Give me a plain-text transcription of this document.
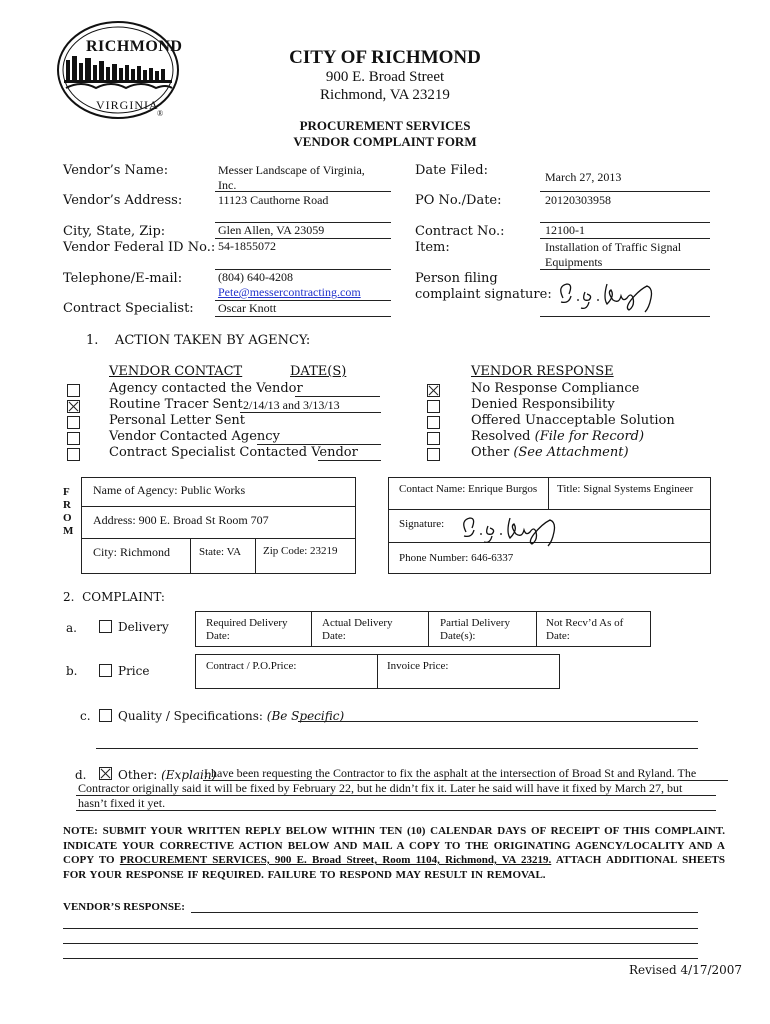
®
RICHMOND
VIRGINIA
CITY OF RICHMOND
900 E. Broad Street
Richmond, VA 23219
PROCUREMENT SERVICES
VENDOR COMPLAINT FORM
Vendor’s Name:	Messer Landscape of Virginia,
Inc.
Vendor’s Address:	11123 Cauthorne Road
City, State, Zip:	Glen Allen, VA 23059
Vendor Federal ID No.: 54-1855072
Telephone/E-mail:	(804) 640-4208
Pete@messercontracting.com
Contract Specialist: Oscar Knott
Date Filed:	March 27, 2013
PO No./Date:	20120303958
Contract No.:	12100-1
Item:	Installation of Traffic Signal
Equipments
Person filing
complaint signature:
1.    ACTION TAKEN BY AGENCY:
VENDOR CONTACT	DATE(S)	VENDOR RESPONSE
Agency contacted the Vendor
Routine Tracer Sent 2/14/13 and 3/13/13
Personal Letter Sent
Vendor Contacted Agency
Contract Specialist Contacted Vendor
No Response Compliance
Denied Responsibility
Offered Unacceptable Solution
Resolved (File for Record)
Other (See Attachment)
F
R
O
M
Name of Agency: Public Works
Address: 900 E. Broad St Room 707
City: Richmond	State: VA Zip Code: 23219
Contact Name: Enrique Burgos Title: Signal Systems Engineer
Signature:
Phone Number: 646-6337
2.  COMPLAINT:
a.	Delivery	Required Delivery Date:
Actual Delivery Date:
Partial Delivery Date(s):
Not Recv’d As of Date:
b.	Price	Contract / P.O.Price:	Invoice Price:
c. Quality / Specifications: (Be Specific)
d.	Other: (Explain)
I have been requesting the Contractor to fix the asphalt at the intersection of Broad St and Ryland. The
Contractor originally said it will be fixed by February 22, but he didn’t fix it. Later he said will have it fixed by March 27, but
hasn’t fixed it yet.
NOTE: SUBMIT YOUR WRITTEN REPLY BELOW WITHIN TEN (10) CALENDAR DAYS OF RECEIPT OF THIS COMPLAINT. INDICATE YOUR CORRECTIVE ACTION BELOW AND MAIL A COPY TO THE ORIGINATING AGENCY/LOCALITY AND A COPY TO PROCUREMENT SERVICES, 900 E. Broad Street, Room 1104, Richmond, VA 23219. ATTACH ADDITIONAL SHEETS FOR YOUR RESPONSE IF REQUIRED. FAILURE TO RESPOND MAY RESULT IN REMOVAL.
VENDOR’S RESPONSE:
Revised 4/17/2007
